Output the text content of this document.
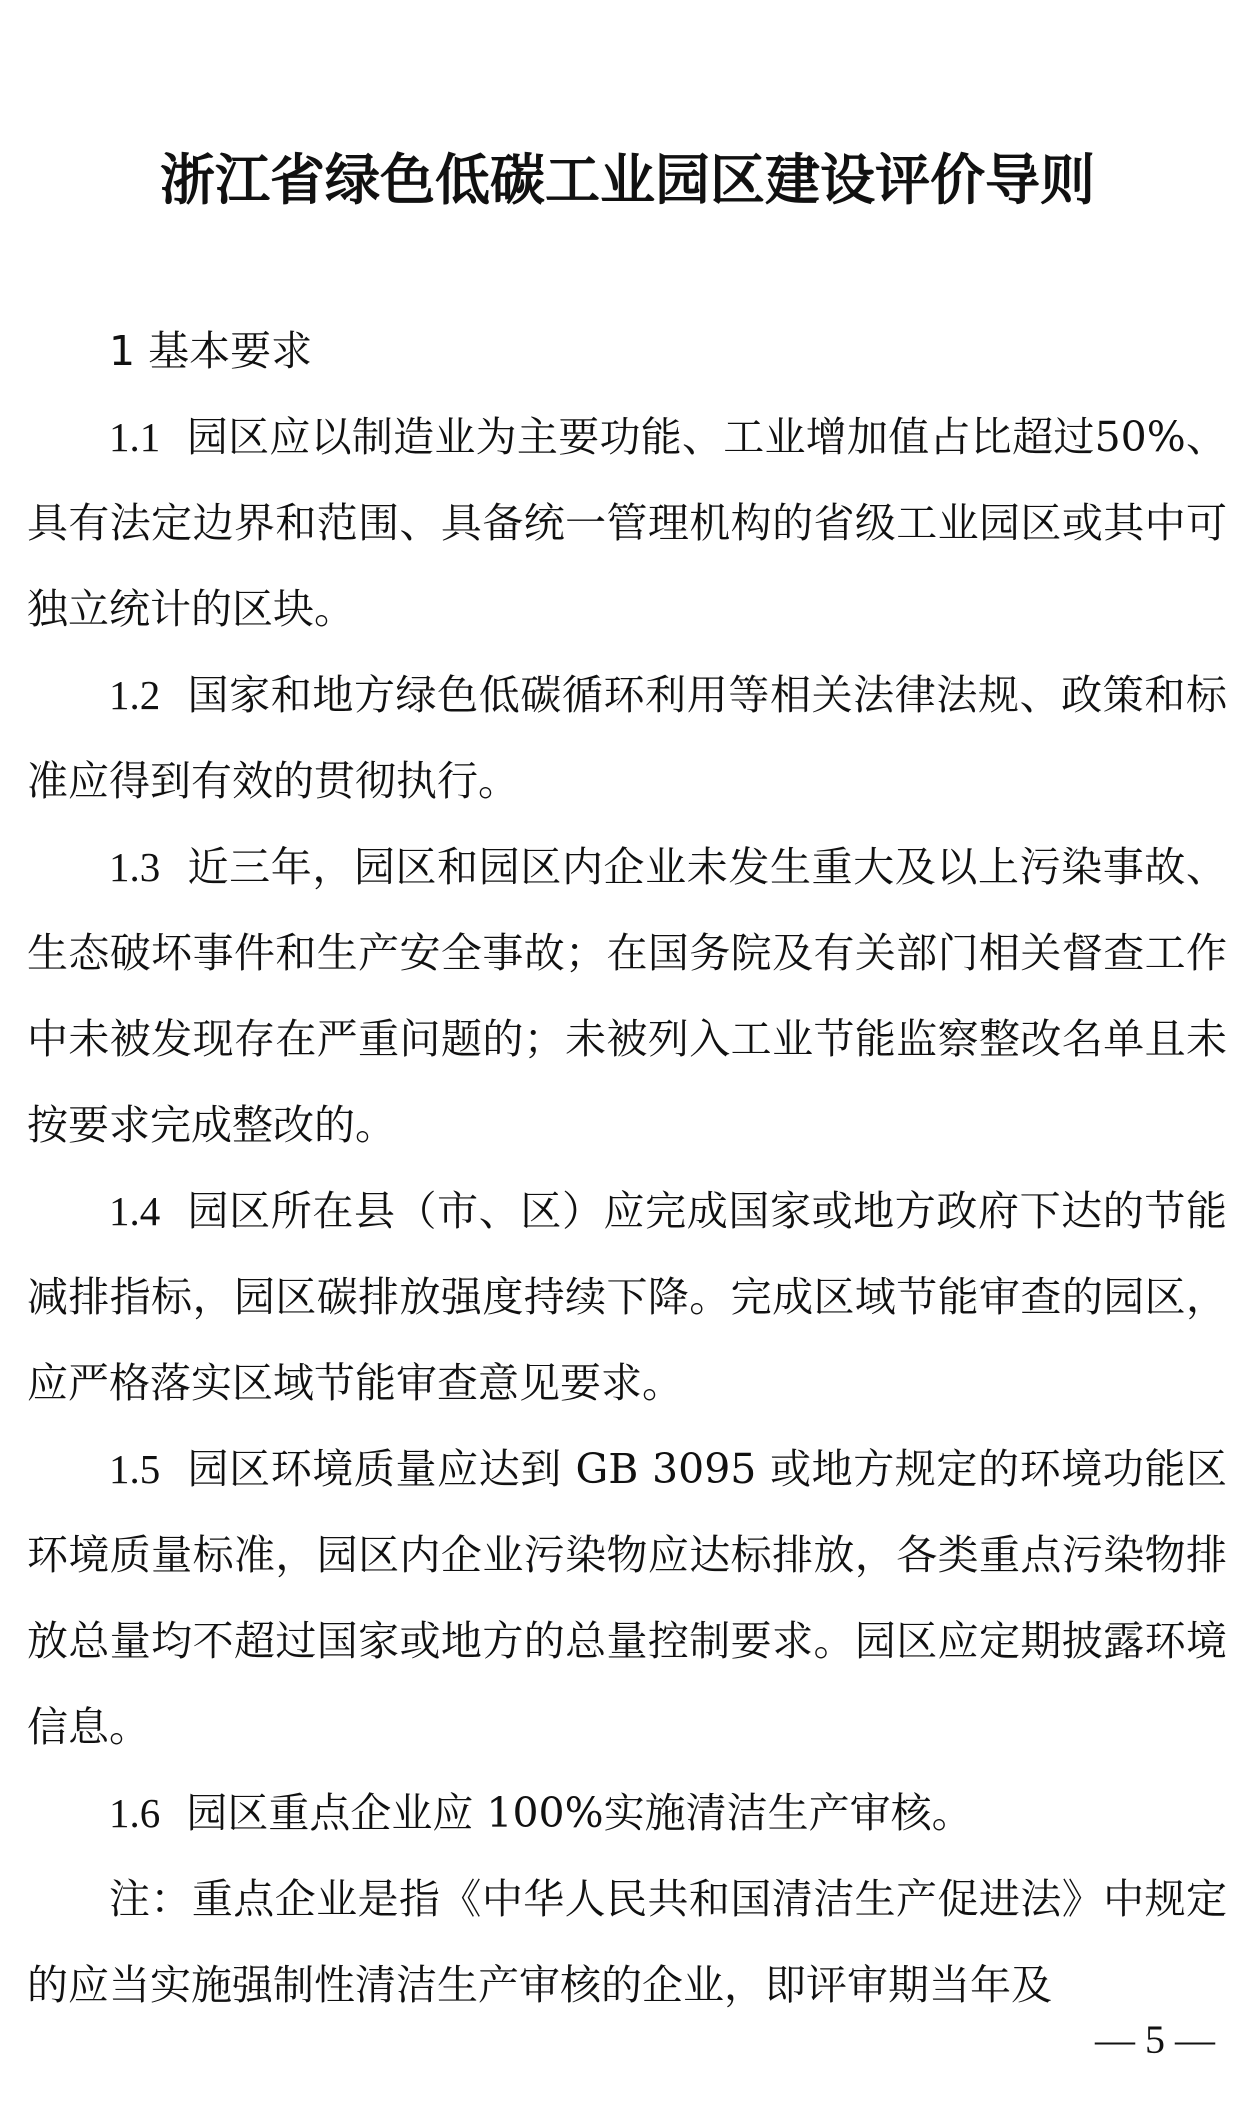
浙江省绿色低碳工业园区建设评价导则

1 基本要求

1.1 园区应以制造业为主要功能、工业增加值占比超过50%、具有法定边界和范围、具备统一管理机构的省级工业园区或其中可独立统计的区块。

1.2 国家和地方绿色低碳循环利用等相关法律法规、政策和标准应得到有效的贯彻执行。

1.3 近三年，园区和园区内企业未发生重大及以上污染事故、生态破坏事件和生产安全事故；在国务院及有关部门相关督查工作中未被发现存在严重问题的；未被列入工业节能监察整改名单且未按要求完成整改的。

1.4 园区所在县（市、区）应完成国家或地方政府下达的节能减排指标，园区碳排放强度持续下降。完成区域节能审查的园区，应严格落实区域节能审查意见要求。

1.5 园区环境质量应达到 GB 3095 或地方规定的环境功能区环境质量标准，园区内企业污染物应达标排放，各类重点污染物排放总量均不超过国家或地方的总量控制要求。园区应定期披露环境信息。

1.6 园区重点企业应 100%实施清洁生产审核。

注：重点企业是指《中华人民共和国清洁生产促进法》中规定的应当实施强制性清洁生产审核的企业，即评审期当年及

— 5 —
